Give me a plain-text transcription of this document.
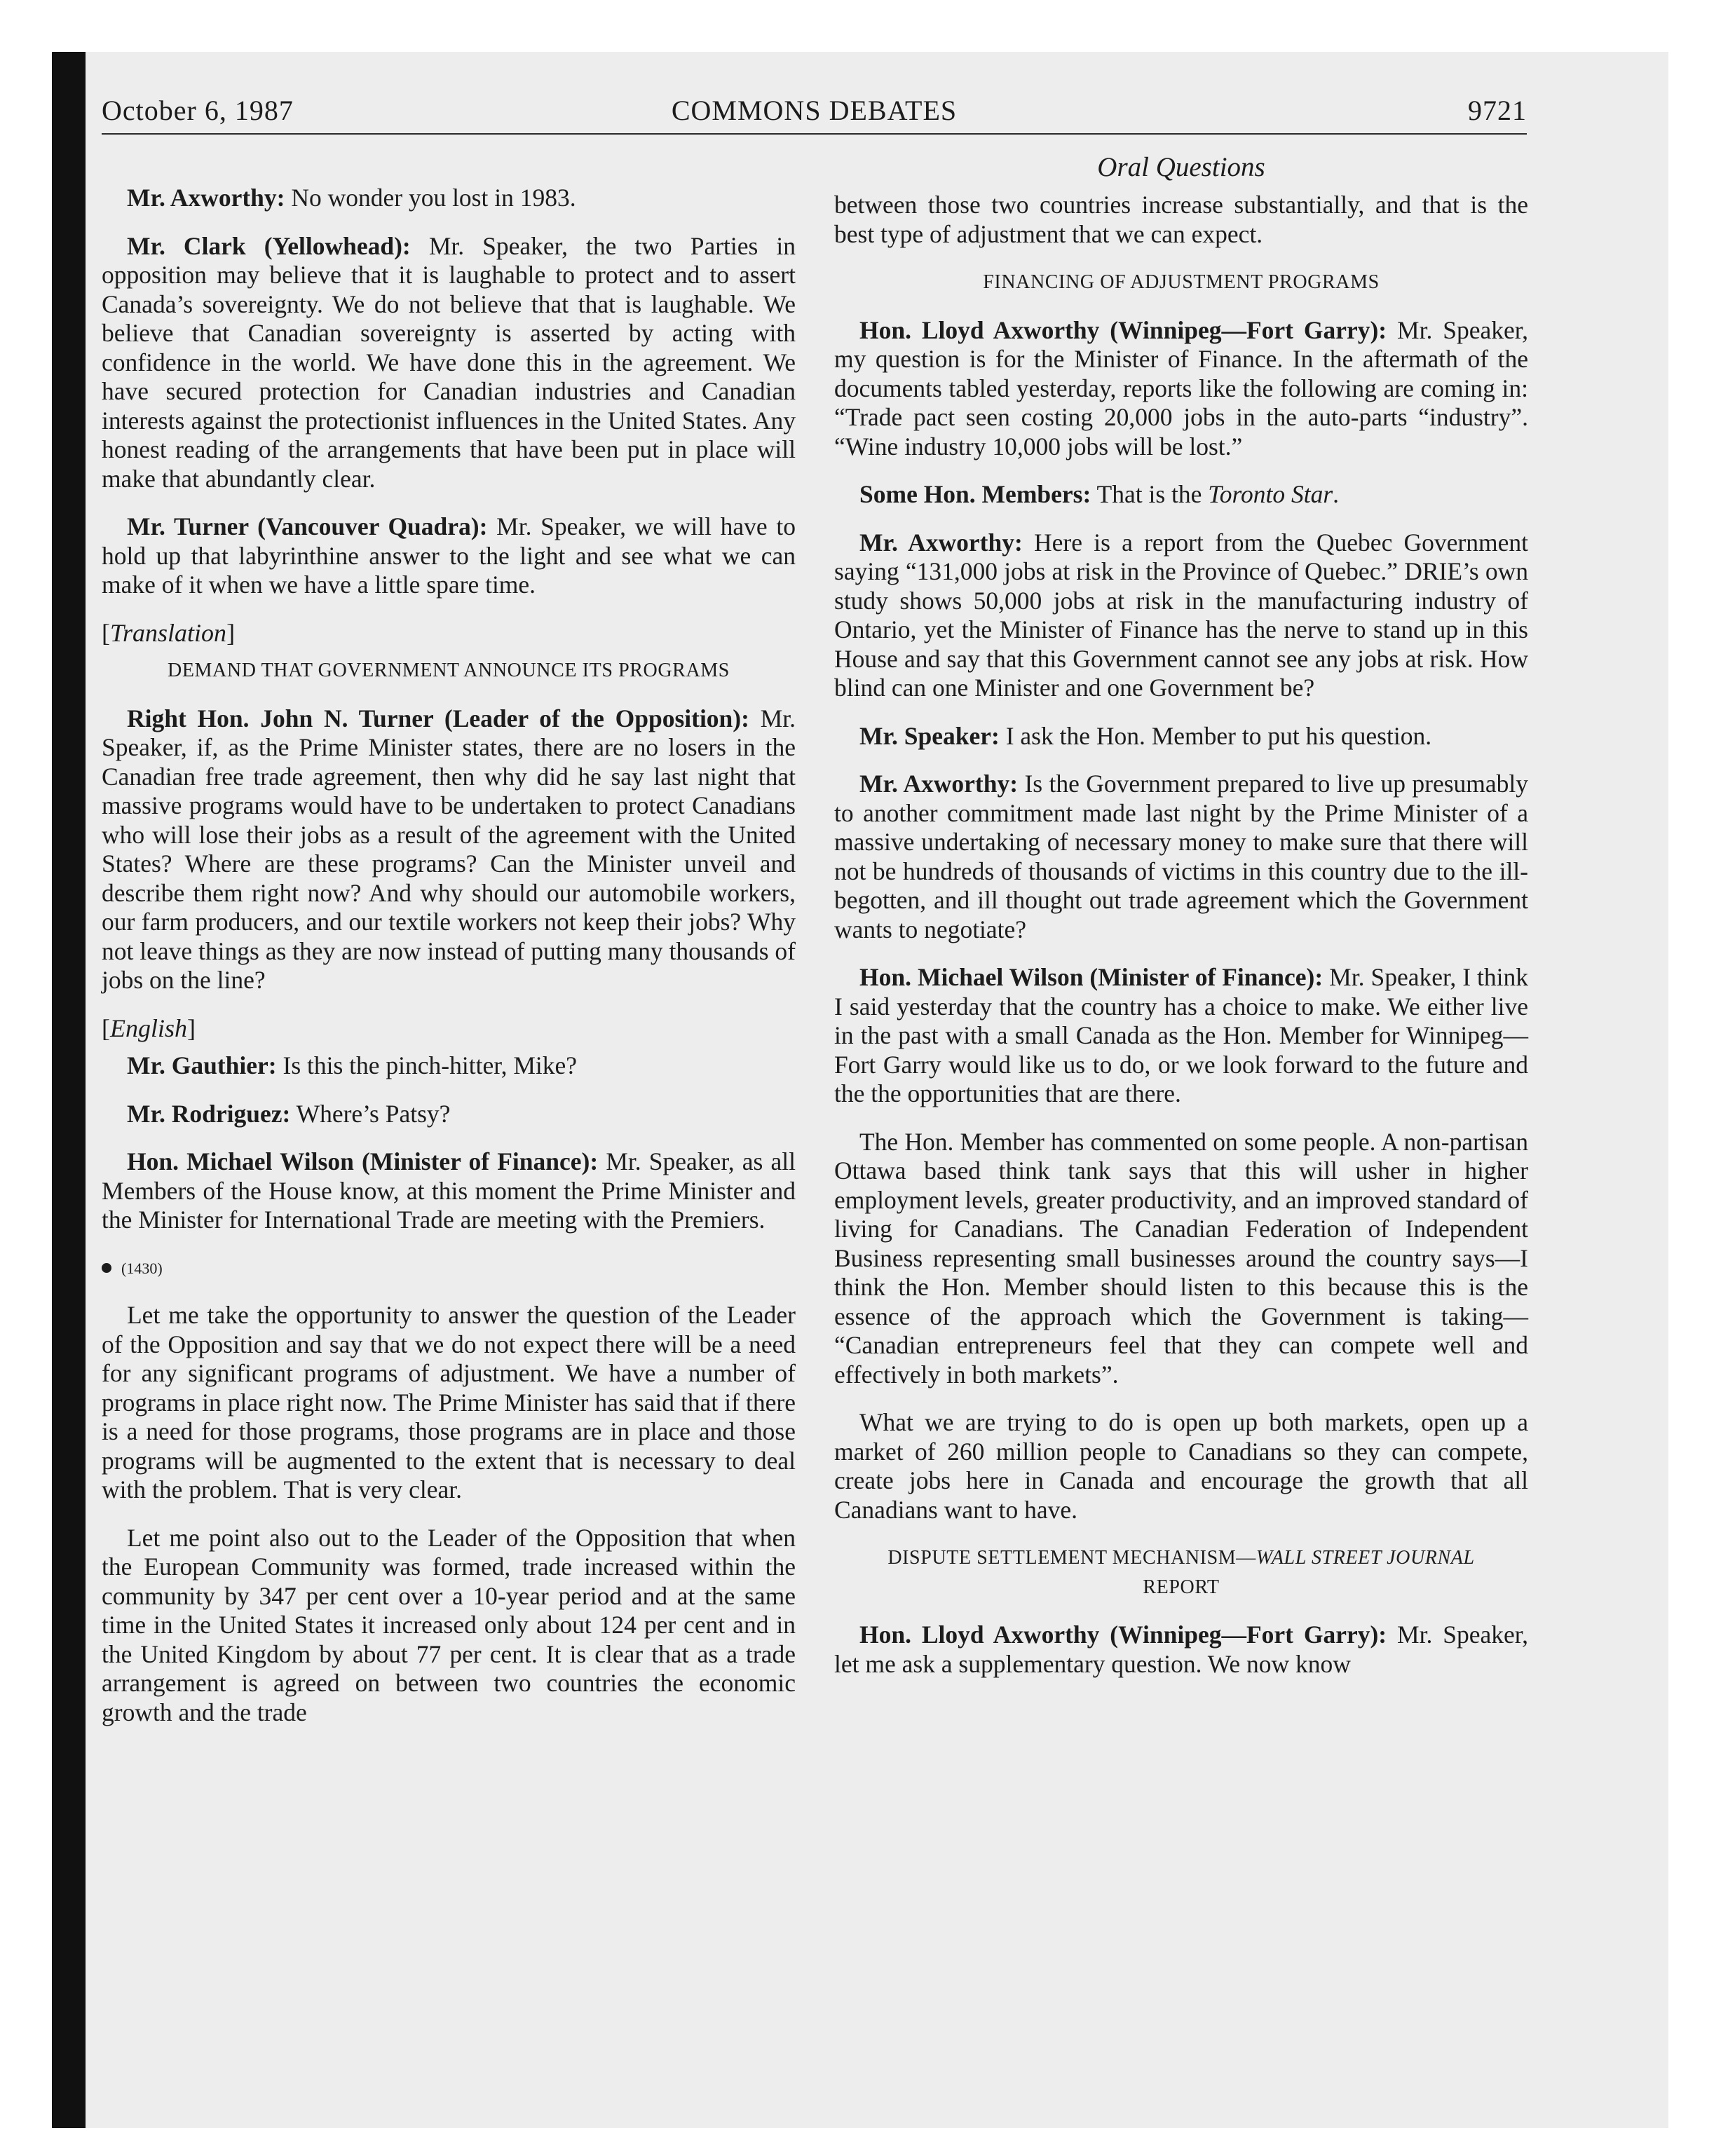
October 6, 1987	COMMONS DEBATES	9721
Oral Questions

Mr. Axworthy: No wonder you lost in 1983.

Mr. Clark (Yellowhead): Mr. Speaker, the two Parties in opposition may believe that it is laughable to protect and to assert Canada’s sovereignty. We do not believe that that is laughable. We believe that Canadian sovereignty is asserted by acting with confidence in the world. We have done this in the agreement. We have secured protection for Canadian industries and Canadian interests against the protectionist influences in the United States. Any honest reading of the arrangements that have been put in place will make that abundantly clear.

Mr. Turner (Vancouver Quadra): Mr. Speaker, we will have to hold up that labyrinthine answer to the light and see what we can make of it when we have a little spare time.

[Translation]
DEMAND THAT GOVERNMENT ANNOUNCE ITS PROGRAMS

Right Hon. John N. Turner (Leader of the Opposition): Mr. Speaker, if, as the Prime Minister states, there are no losers in the Canadian free trade agreement, then why did he say last night that massive programs would have to be undertaken to protect Canadians who will lose their jobs as a result of the agreement with the United States? Where are these programs? Can the Minister unveil and describe them right now? And why should our automobile workers, our farm producers, and our textile workers not keep their jobs? Why not leave things as they are now instead of putting many thousands of jobs on the line?

[English]

Mr. Gauthier: Is this the pinch-hitter, Mike?

Mr. Rodriguez: Where’s Patsy?

Hon. Michael Wilson (Minister of Finance): Mr. Speaker, as all Members of the House know, at this moment the Prime Minister and the Minister for International Trade are meeting with the Premiers.

(1430)

Let me take the opportunity to answer the question of the Leader of the Opposition and say that we do not expect there will be a need for any significant programs of adjustment. We have a number of programs in place right now. The Prime Minister has said that if there is a need for those programs, those programs are in place and those programs will be augmented to the extent that is necessary to deal with the problem. That is very clear.

Let me point also out to the Leader of the Opposition that when the European Community was formed, trade increased within the community by 347 per cent over a 10-year period and at the same time in the United States it increased only about 124 per cent and in the United Kingdom by about 77 per cent. It is clear that as a trade arrangement is agreed on between two countries the economic growth and the trade

between those two countries increase substantially, and that is the best type of adjustment that we can expect.

FINANCING OF ADJUSTMENT PROGRAMS

Hon. Lloyd Axworthy (Winnipeg—Fort Garry): Mr. Speaker, my question is for the Minister of Finance. In the aftermath of the documents tabled yesterday, reports like the following are coming in: “Trade pact seen costing 20,000 jobs in the auto-parts “industry”. “Wine industry 10,000 jobs will be lost.”

Some Hon. Members: That is the Toronto Star.

Mr. Axworthy: Here is a report from the Quebec Government saying “131,000 jobs at risk in the Province of Quebec.” DRIE’s own study shows 50,000 jobs at risk in the manufacturing industry of Ontario, yet the Minister of Finance has the nerve to stand up in this House and say that this Government cannot see any jobs at risk. How blind can one Minister and one Government be?

Mr. Speaker: I ask the Hon. Member to put his question.

Mr. Axworthy: Is the Government prepared to live up presumably to another commitment made last night by the Prime Minister of a massive undertaking of necessary money to make sure that there will not be hundreds of thousands of victims in this country due to the ill-begotten, and ill thought out trade agreement which the Government wants to negotiate?

Hon. Michael Wilson (Minister of Finance): Mr. Speaker, I think I said yesterday that the country has a choice to make. We either live in the past with a small Canada as the Hon. Member for Winnipeg—Fort Garry would like us to do, or we look forward to the future and the the opportunities that are there.

The Hon. Member has commented on some people. A non-partisan Ottawa based think tank says that this will usher in higher employment levels, greater productivity, and an improved standard of living for Canadians. The Canadian Federation of Independent Business representing small businesses around the country says—I think the Hon. Member should listen to this because this is the essence of the approach which the Government is taking— “Canadian entrepreneurs feel that they can compete well and effectively in both markets”.

What we are trying to do is open up both markets, open up a market of 260 million people to Canadians so they can compete, create jobs here in Canada and encourage the growth that all Canadians want to have.

DISPUTE SETTLEMENT MECHANISM—WALL STREET JOURNAL
REPORT

Hon. Lloyd Axworthy (Winnipeg—Fort Garry): Mr. Speaker, let me ask a supplementary question. We now know
